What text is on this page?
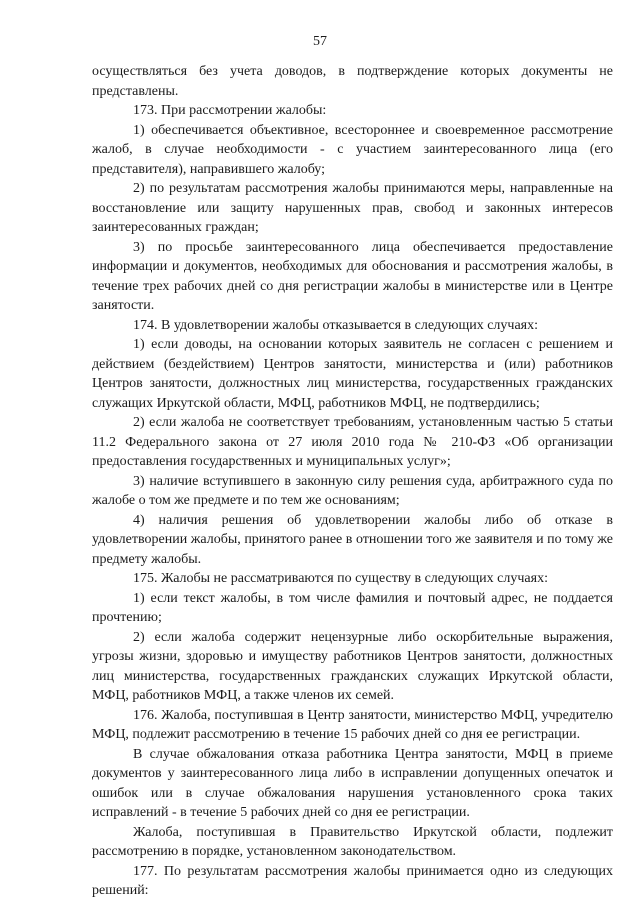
57

осуществляться без учета доводов, в подтверждение которых документы не представлены.

173. При рассмотрении жалобы:

1) обеспечивается объективное, всестороннее и своевременное рассмотрение жалоб, в случае необходимости - с участием заинтересованного лица (его представителя), направившего жалобу;

2) по результатам рассмотрения жалобы принимаются меры, направленные на восстановление или защиту нарушенных прав, свобод и законных интересов заинтересованных граждан;

3) по просьбе заинтересованного лица обеспечивается предоставление информации и документов, необходимых для обоснования и рассмотрения жалобы, в течение трех рабочих дней со дня регистрации жалобы в министерстве или в Центре занятости.

174. В удовлетворении жалобы отказывается в следующих случаях:

1) если доводы, на основании которых заявитель не согласен с решением и действием (бездействием) Центров занятости, министерства и (или) работников Центров занятости, должностных лиц министерства, государственных гражданских служащих Иркутской области, МФЦ, работников МФЦ, не подтвердились;

2) если жалоба не соответствует требованиям, установленным частью 5 статьи 11.2 Федерального закона от 27 июля 2010 года № 210-ФЗ «Об организации предоставления государственных и муниципальных услуг»;

3) наличие вступившего в законную силу решения суда, арбитражного суда по жалобе о том же предмете и по тем же основаниям;

4) наличия решения об удовлетворении жалобы либо об отказе в удовлетворении жалобы, принятого ранее в отношении того же заявителя и по тому же предмету жалобы.

175. Жалобы не рассматриваются по существу в следующих случаях:

1) если текст жалобы, в том числе фамилия и почтовый адрес, не поддается прочтению;

2) если жалоба содержит нецензурные либо оскорбительные выражения, угрозы жизни, здоровью и имуществу работников Центров занятости, должностных лиц министерства, государственных гражданских служащих Иркутской области, МФЦ, работников МФЦ, а также членов их семей.

176. Жалоба, поступившая в Центр занятости, министерство МФЦ, учредителю МФЦ, подлежит рассмотрению в течение 15 рабочих дней со дня ее регистрации.

В случае обжалования отказа работника Центра занятости, МФЦ в приеме документов у заинтересованного лица либо в исправлении допущенных опечаток и ошибок или в случае обжалования нарушения установленного срока таких исправлений - в течение 5 рабочих дней со дня ее регистрации.

Жалоба, поступившая в Правительство Иркутской области, подлежит рассмотрению в порядке, установленном законодательством.

177. По результатам рассмотрения жалобы принимается одно из следующих решений:
